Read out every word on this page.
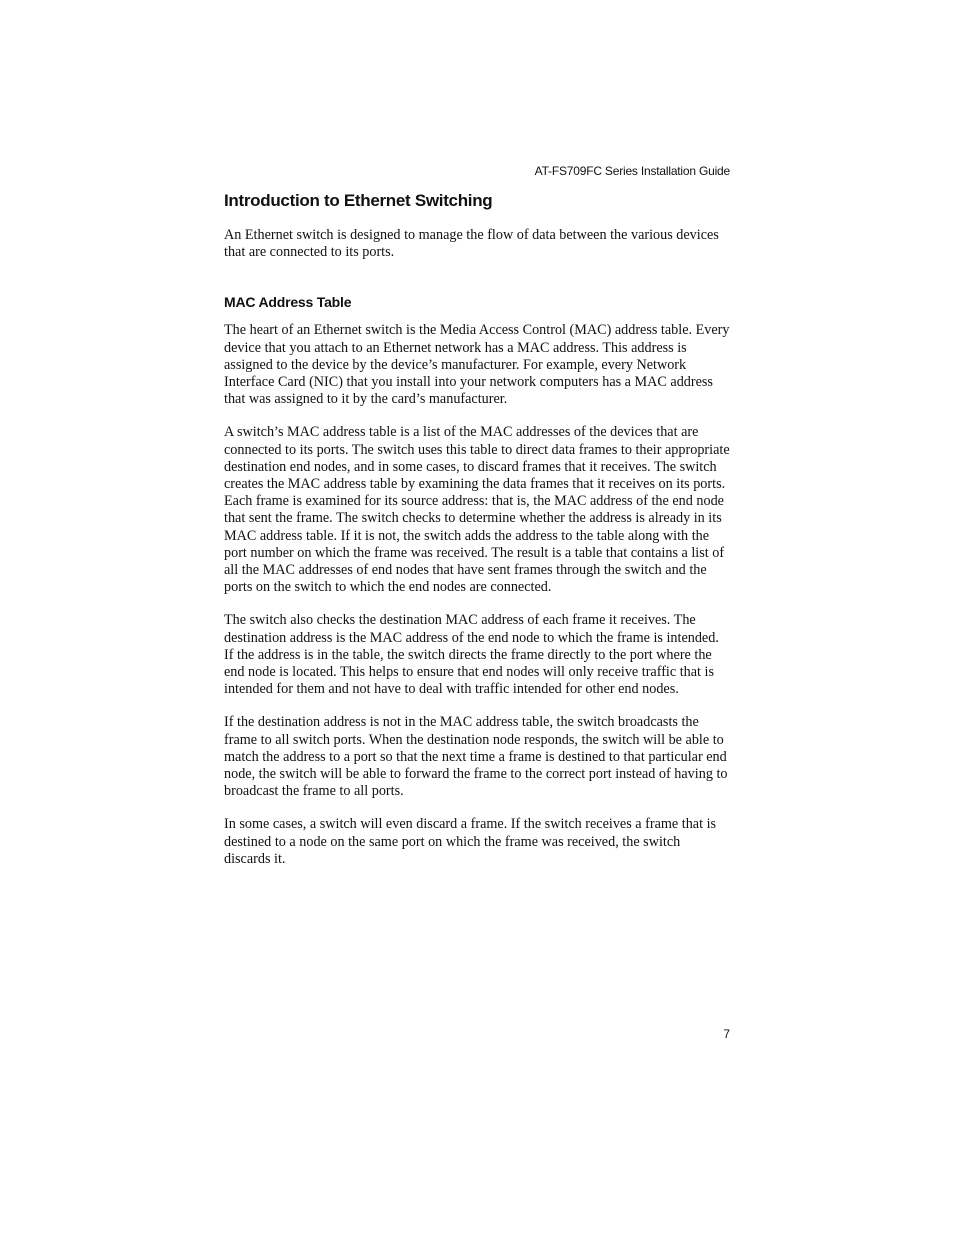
AT-FS709FC Series Installation Guide
Introduction to Ethernet Switching

An Ethernet switch is designed to manage the flow of data between the various devices that are connected to its ports.

MAC Address Table

The heart of an Ethernet switch is the Media Access Control (MAC) address table. Every device that you attach to an Ethernet network has a MAC address. This address is assigned to the device by the device’s manufacturer. For example, every Network Interface Card (NIC) that you install into your network computers has a MAC address that was assigned to it by the card’s manufacturer.

A switch’s MAC address table is a list of the MAC addresses of the devices that are connected to its ports. The switch uses this table to direct data frames to their appropriate destination end nodes, and in some cases, to discard frames that it receives. The switch creates the MAC address table by examining the data frames that it receives on its ports. Each frame is examined for its source address: that is, the MAC address of the end node that sent the frame. The switch checks to determine whether the address is already in its MAC address table. If it is not, the switch adds the address to the table along with the port number on which the frame was received. The result is a table that contains a list of all the MAC addresses of end nodes that have sent frames through the switch and the ports on the switch to which the end nodes are connected.

The switch also checks the destination MAC address of each frame it receives. The destination address is the MAC address of the end node to which the frame is intended. If the address is in the table, the switch directs the frame directly to the port where the end node is located. This helps to ensure that end nodes will only receive traffic that is intended for them and not have to deal with traffic intended for other end nodes.

If the destination address is not in the MAC address table, the switch broadcasts the frame to all switch ports. When the destination node responds, the switch will be able to match the address to a port so that the next time a frame is destined to that particular end node, the switch will be able to forward the frame to the correct port instead of having to broadcast the frame to all ports.

In some cases, a switch will even discard a frame. If the switch receives a frame that is destined to a node on the same port on which the frame was received, the switch discards it.

7
